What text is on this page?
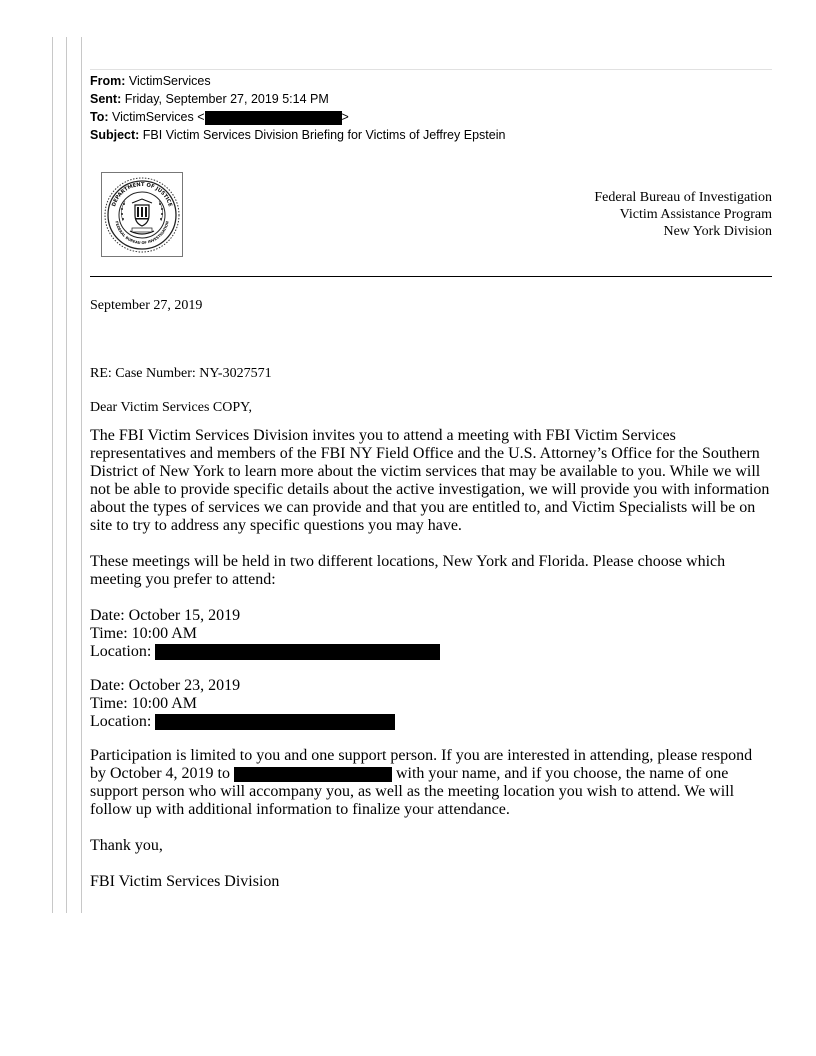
From: VictimServices
Sent: Friday, September 27, 2019 5:14 PM
To: VictimServices <	>
Subject: FBI Victim Services Division Briefing for Victims of Jeffrey Epstein
DEPARTMENT OF JUSTICE
FEDERAL BUREAU OF INVESTIGATION
Federal Bureau of Investigation
Victim Assistance Program
New York Division
September 27, 2019
RE: Case Number: NY-3027571
Dear Victim Services COPY,

The FBI Victim Services Division invites you to attend a meeting with FBI Victim Services representatives and members of the FBI NY Field Office and the U.S. Attorney’s Office for the Southern District of New York to learn more about the victim services that may be available to you. While we will not be able to provide specific details about the active investigation, we will provide you with information about the types of services we can provide and that you are entitled to, and Victim Specialists will be on site to try to address any specific questions you may have.

These meetings will be held in two different locations, New York and Florida. Please choose which meeting you prefer to attend:

Date: October 15, 2019
Time: 10:00 AM
Location:

Date: October 23, 2019
Time: 10:00 AM
Location:

Participation is limited to you and one support person. If you are interested in attending, please respond by October 4, 2019 to	with your name, and if you choose, the name of one support person who will accompany you, as well as the meeting location you wish to attend. We will follow up with additional information to finalize your attendance.

Thank you,

FBI Victim Services Division
